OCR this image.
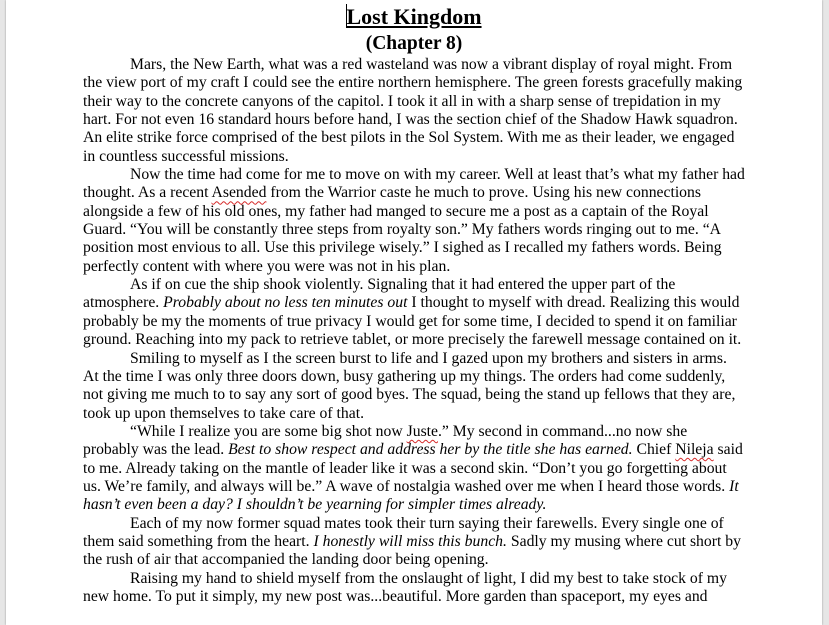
Lost Kingdom
(Chapter 8)

Mars, the New Earth, what was a red wasteland was now a vibrant display of royal might. From the view port of my craft I could see the entire northern hemisphere. The green forests gracefully making their way to the concrete canyons of the capitol. I took it all in with a sharp sense of trepidation in my hart. For not even 16 standard hours before hand, I was the section chief of the Shadow Hawk squadron. An elite strike force comprised of the best pilots in the Sol System. With me as their leader, we engaged in countless successful missions.

Now the time had come for me to move on with my career. Well at least that’s what my father had thought. As a recent Asended from the Warrior caste he much to prove. Using his new connections alongside a few of his old ones, my father had manged to secure me a post as a captain of the Royal Guard. “You will be constantly three steps from royalty son.” My fathers words ringing out to me. “A position most envious to all. Use this privilege wisely.” I sighed as I recalled my fathers words. Being perfectly content with where you were was not in his plan.

As if on cue the ship shook violently. Signaling that it had entered the upper part of the atmosphere. Probably about no less ten minutes out I thought to myself with dread. Realizing this would probably be my the moments of true privacy I would get for some time, I decided to spend it on familiar ground. Reaching into my pack to retrieve tablet, or more precisely the farewell message contained on it.

Smiling to myself as I the screen burst to life and I gazed upon my brothers and sisters in arms. At the time I was only three doors down, busy gathering up my things. The orders had come suddenly, not giving me much to to say any sort of good byes. The squad, being the stand up fellows that they are, took up upon themselves to take care of that.

“While I realize you are some big shot now Juste.” My second in command...no now she probably was the lead. Best to show respect and address her by the title she has earned. Chief Nileja said to me. Already taking on the mantle of leader like it was a second skin. “Don’t you go forgetting about us. We’re family, and always will be.” A wave of nostalgia washed over me when I heard those words. It hasn’t even been a day? I shouldn’t be yearning for simpler times already.

Each of my now former squad mates took their turn saying their farewells. Every single one of them said something from the heart. I honestly will miss this bunch. Sadly my musing where cut short by the rush of air that accompanied the landing door being opening.

Raising my hand to shield myself from the onslaught of light, I did my best to take stock of my new home. To put it simply, my new post was...beautiful. More garden than spaceport, my eyes and
